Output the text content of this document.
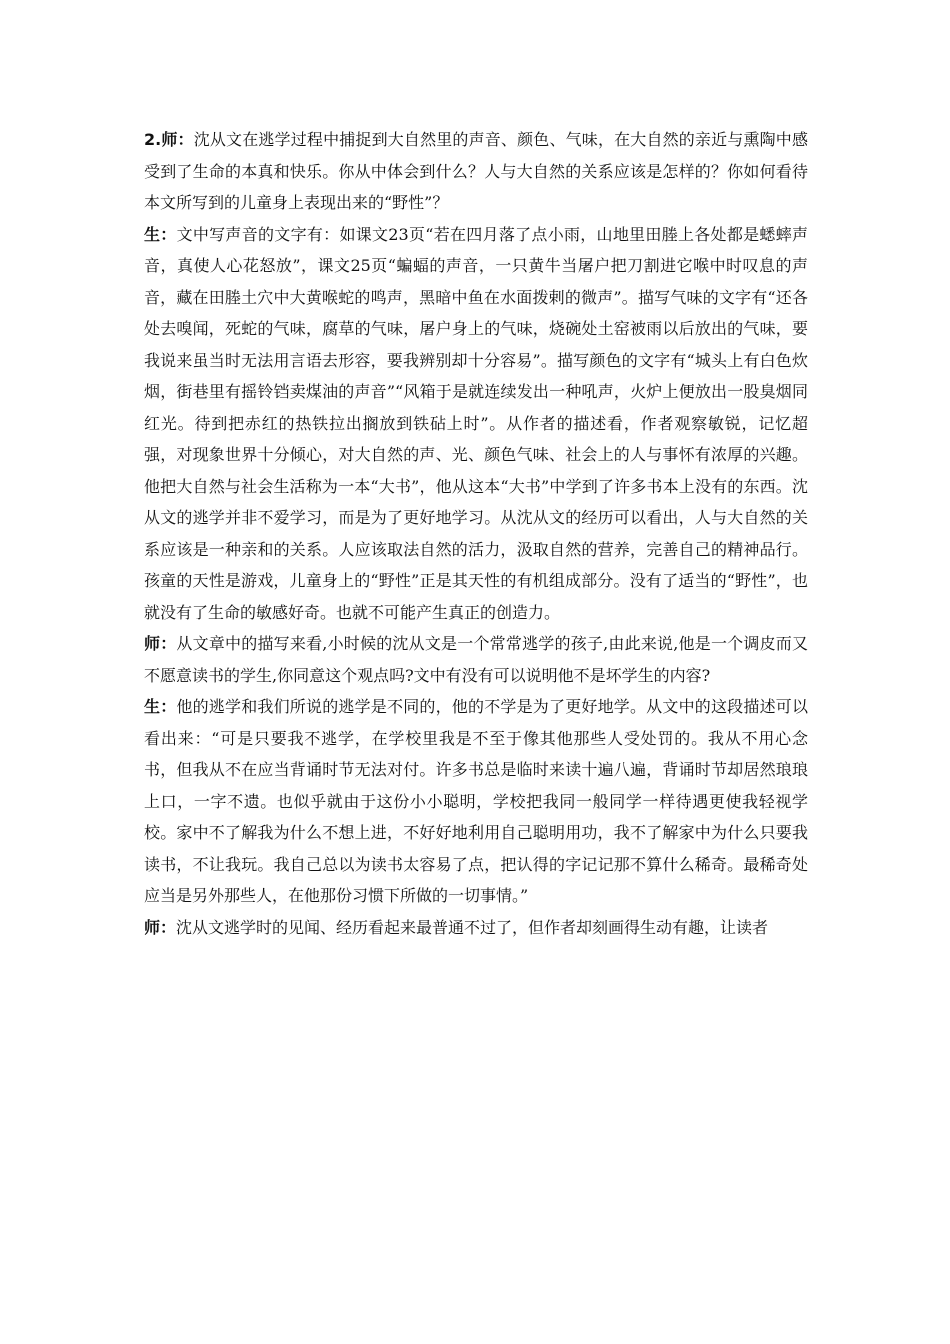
2.师：沈从文在逃学过程中捕捉到大自然里的声音、颜色、气味，在大自然的亲近与熏陶中感受到了生命的本真和快乐。你从中体会到什么？人与大自然的关系应该是怎样的？你如何看待本文所写到的儿童身上表现出来的“野性”？

生：文中写声音的文字有：如课文23页“若在四月落了点小雨，山地里田塍上各处都是蟋蟀声音，真使人心花怒放”，课文25页“蝙蝠的声音，一只黄牛当屠户把刀割进它喉中时叹息的声音，藏在田塍土穴中大黄喉蛇的鸣声，黑暗中鱼在水面拨剌的微声”。描写气味的文字有“还各处去嗅闻，死蛇的气味，腐草的气味，屠户身上的气味，烧碗处土窑被雨以后放出的气味，要我说来虽当时无法用言语去形容，要我辨别却十分容易”。描写颜色的文字有“城头上有白色炊烟，街巷里有摇铃铛卖煤油的声音”“风箱于是就连续发出一种吼声，火炉上便放出一股臭烟同红光。待到把赤红的热铁拉出搁放到铁砧上时”。从作者的描述看，作者观察敏锐，记忆超强，对现象世界十分倾心，对大自然的声、光、颜色气味、社会上的人与事怀有浓厚的兴趣。他把大自然与社会生活称为一本“大书”，他从这本“大书”中学到了许多书本上没有的东西。沈从文的逃学并非不爱学习，而是为了更好地学习。从沈从文的经历可以看出，人与大自然的关系应该是一种亲和的关系。人应该取法自然的活力，汲取自然的营养，完善自己的精神品行。孩童的天性是游戏，儿童身上的“野性”正是其天性的有机组成部分。没有了适当的“野性”，也就没有了生命的敏感好奇。也就不可能产生真正的创造力。

师：从文章中的描写来看,小时候的沈从文是一个常常逃学的孩子,由此来说,他是一个调皮而又不愿意读书的学生,你同意这个观点吗?文中有没有可以说明他不是坏学生的内容?

生：他的逃学和我们所说的逃学是不同的，他的不学是为了更好地学。从文中的这段描述可以看出来：“可是只要我不逃学，在学校里我是不至于像其他那些人受处罚的。我从不用心念书，但我从不在应当背诵时节无法对付。许多书总是临时来读十遍八遍，背诵时节却居然琅琅上口，一字不遗。也似乎就由于这份小小聪明，学校把我同一般同学一样待遇更使我轻视学校。家中不了解我为什么不想上进，不好好地利用自己聪明用功，我不了解家中为什么只要我读书，不让我玩。我自己总以为读书太容易了点，把认得的字记记那不算什么稀奇。最稀奇处应当是另外那些人，在他那份习惯下所做的一切事情。”

师：沈从文逃学时的见闻、经历看起来最普通不过了，但作者却刻画得生动有趣，让读者
